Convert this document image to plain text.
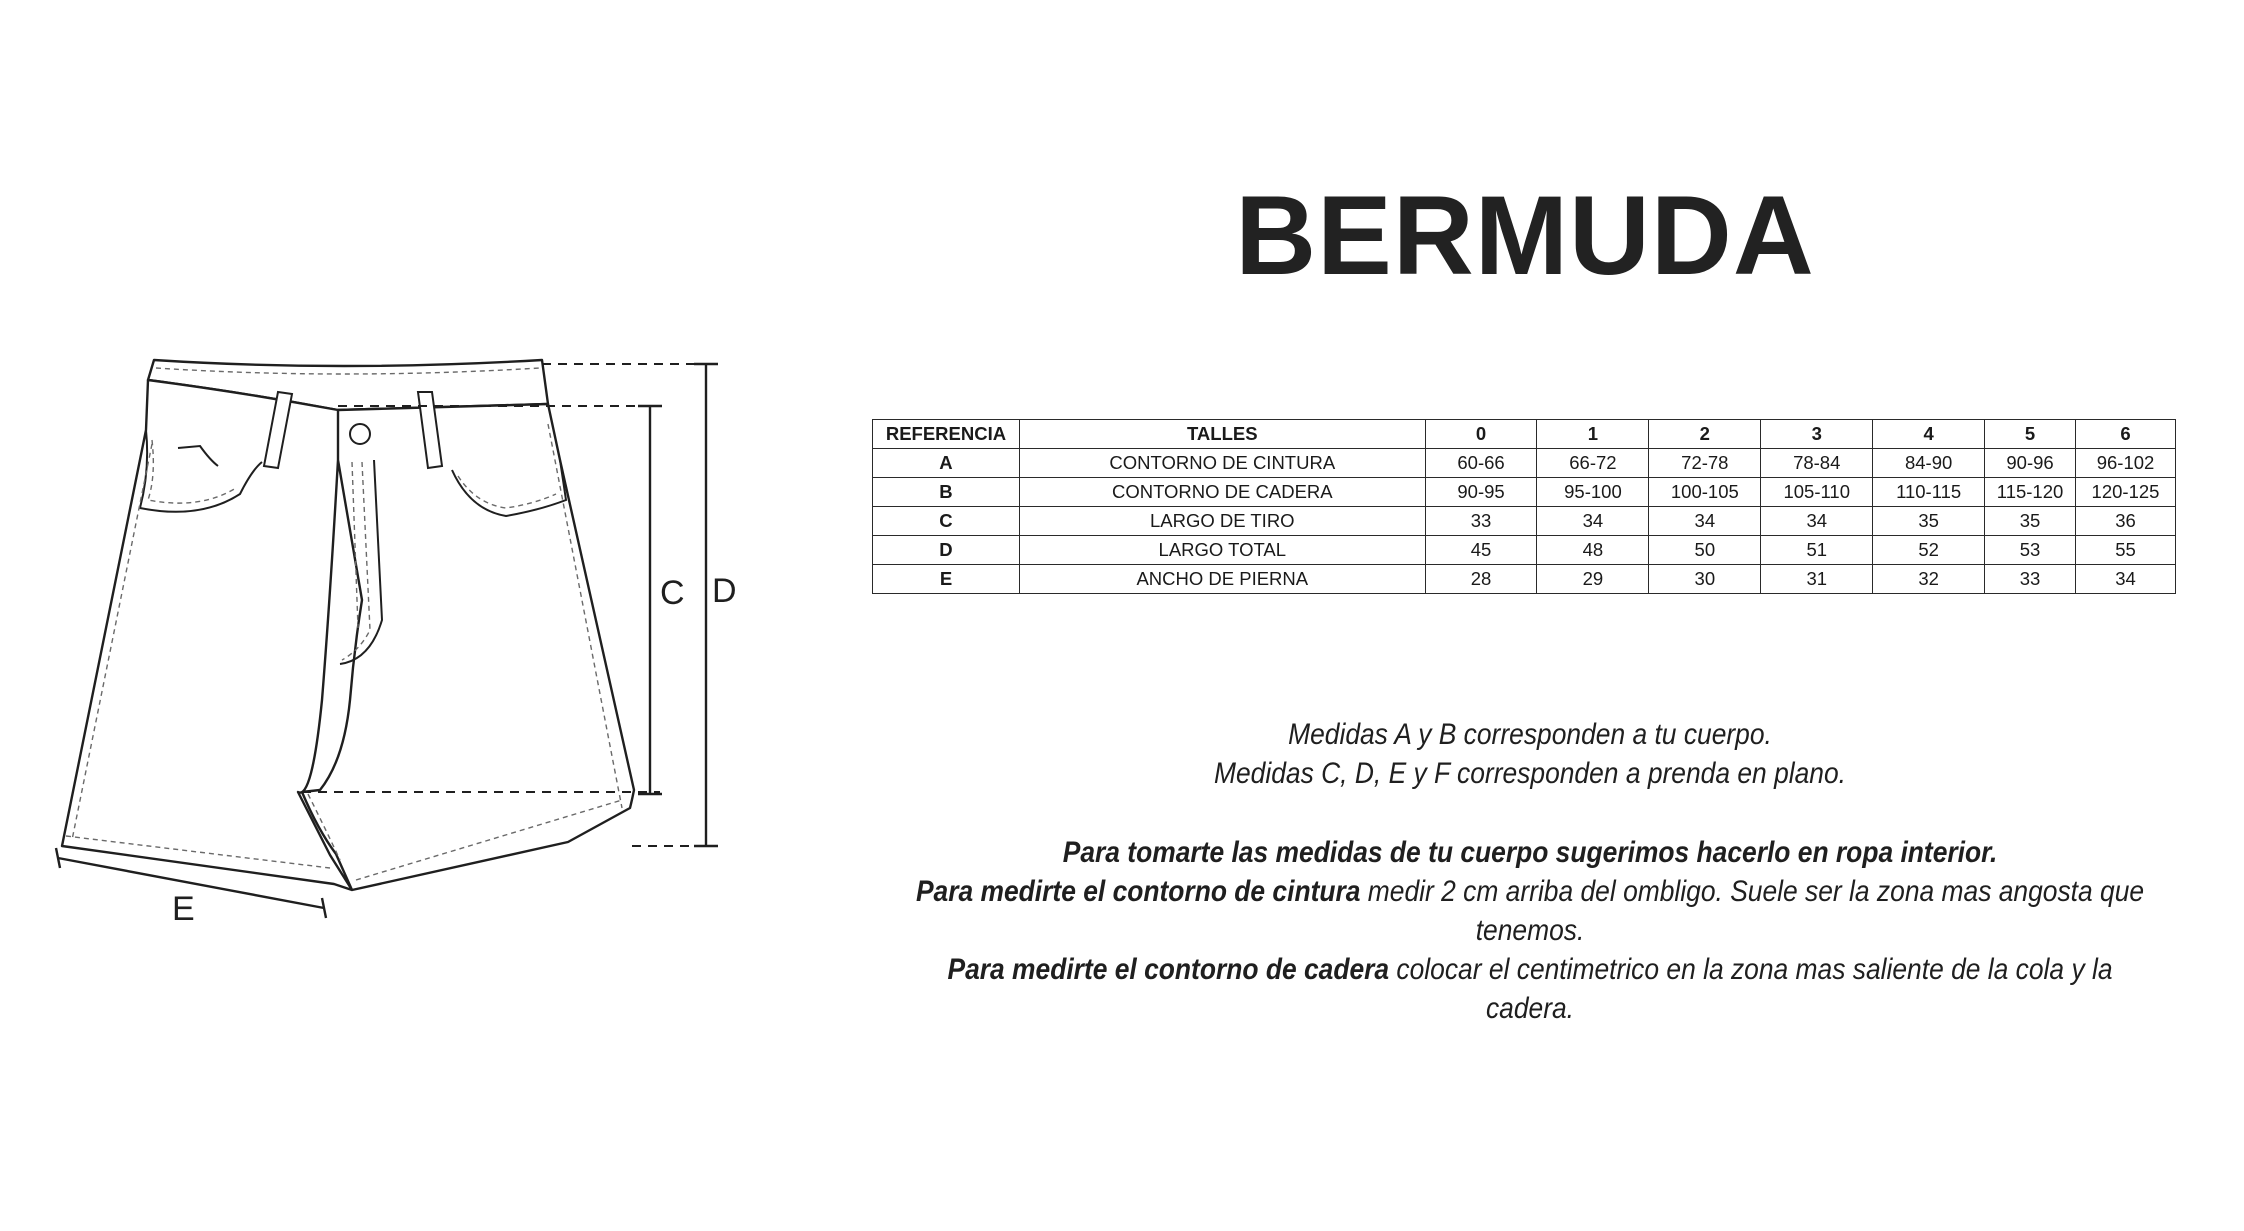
BERMUDA
C D
E
REFERENCIA	TALLES	0	1	2	3	4	5	6
A	CONTORNO DE CINTURA	60-66	66-72	72-78	78-84	84-90	90-96	96-102
B	CONTORNO DE CADERA	90-95	95-100	100-105	105-110	110-115	115-120	120-125
C	LARGO DE TIRO	33	34	34	34	35	35	36
D	LARGO TOTAL	45	48	50	51	52	53	55
E	ANCHO DE PIERNA	28	29	30	31	32	33	34

Medidas A y B corresponden a tu cuerpo.

Medidas C, D, E y F corresponden a prenda en plano.

Para tomarte las medidas de tu cuerpo sugerimos hacerlo en ropa interior.

Para medirte el contorno de cintura medir 2 cm arriba del ombligo. Suele ser la zona mas angosta que tenemos.

Para medirte el contorno de cadera colocar el centimetrico en la zona mas saliente de la cola y la cadera.
